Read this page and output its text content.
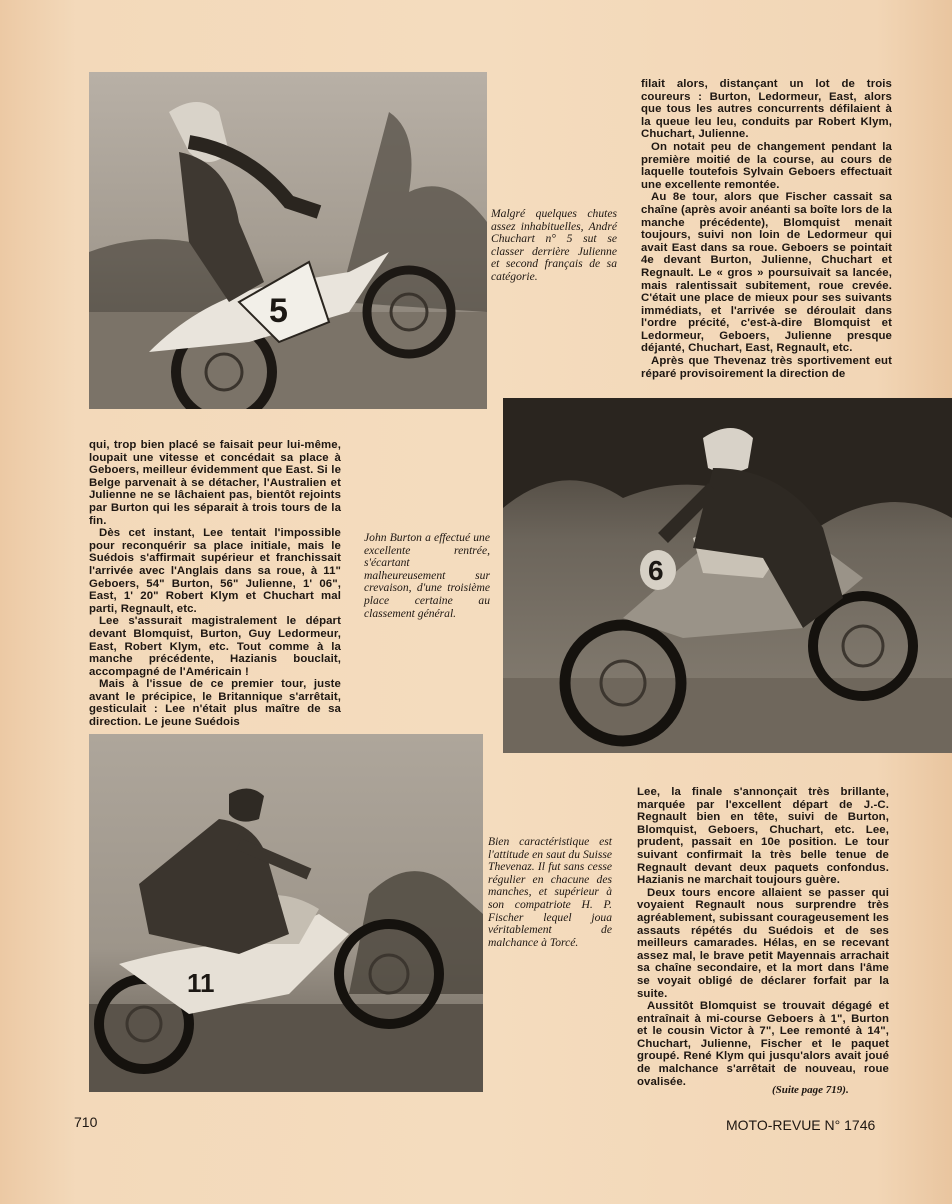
5
Malgré quelques chutes assez inhabituelles, André Chuchart n° 5 sut se classer derrière Julienne et second français de sa catégorie.

filait alors, distançant un lot de trois coureurs : Burton, Ledormeur, East, alors que tous les autres concurrents défilaient à la queue leu leu, conduits par Robert Klym, Chuchart, Julienne.

On notait peu de changement pendant la première moitié de la course, au cours de laquelle toutefois Sylvain Geboers effectuait une excellente remontée.

Au 8e tour, alors que Fischer cassait sa chaîne (après avoir anéanti sa boîte lors de la manche précédente), Blomquist menait toujours, suivi non loin de Ledormeur qui avait East dans sa roue. Geboers se pointait 4e devant Burton, Julienne, Chuchart et Regnault. Le « gros » poursuivait sa lancée, mais ralentissait subitement, roue crevée. C'était une place de mieux pour ses suivants immédiats, et l'arrivée se déroulait dans l'ordre précité, c'est-à-dire Blomquist et Ledormeur, Geboers, Julienne presque déjanté, Chuchart, East, Regnault, etc.

Après que Thevenaz très sportivement eut réparé provisoirement la direction de

6

qui, trop bien placé se faisait peur lui-même, loupait une vitesse et concédait sa place à Geboers, meilleur évidemment que East. Si le Belge parvenait à se détacher, l'Australien et Julienne ne se lâchaient pas, bientôt rejoints par Burton qui les séparait à trois tours de la fin.

Dès cet instant, Lee tentait l'impossible pour reconquérir sa place initiale, mais le Suédois s'affirmait supérieur et franchissait l'arrivée avec l'Anglais dans sa roue, à 11" Geboers, 54" Burton, 56" Julienne, 1' 06", East, 1' 20" Robert Klym et Chuchart mal parti, Regnault, etc.

Lee s'assurait magistralement le départ devant Blomquist, Burton, Guy Ledormeur, East, Robert Klym, etc. Tout comme à la manche précédente, Hazianis bouclait, accompagné de l'Américain !

Mais à l'issue de ce premier tour, juste avant le précipice, le Britannique s'arrêtait, gesticulait : Lee n'était plus maître de sa direction. Le jeune Suédois

John Burton a effectué une excellente rentrée, s'écartant malheureusement sur crevaison, d'une troisième place certaine au classement général.
11
Bien caractéristique est l'attitude en saut du Suisse Thevenaz. Il fut sans cesse régulier en chacune des manches, et supérieur à son compatriote H. P. Fischer lequel joua véritablement de malchance à Torcé.

Lee, la finale s'annonçait très brillante, marquée par l'excellent départ de J.-C. Regnault bien en tête, suivi de Burton, Blomquist, Geboers, Chuchart, etc. Lee, prudent, passait en 10e position. Le tour suivant confirmait la très belle tenue de Regnault devant deux paquets confondus. Hazianis ne marchait toujours guère.

Deux tours encore allaient se passer qui voyaient Regnault nous surprendre très agréablement, subissant courageusement les assauts répétés du Suédois et de ses meilleurs camarades. Hélas, en se recevant assez mal, le brave petit Mayennais arrachait sa chaîne secondaire, et la mort dans l'âme se voyait obligé de déclarer forfait par la suite.

Aussitôt Blomquist se trouvait dégagé et entraînait à mi-course Geboers à 1", Burton et le cousin Victor à 7", Lee remonté à 14", Chuchart, Julienne, Fischer et le paquet groupé. René Klym qui jusqu'alors avait joué de malchance s'arrêtait de nouveau, roue ovalisée.

(Suite page 719).
710	MOTO-REVUE N° 1746
